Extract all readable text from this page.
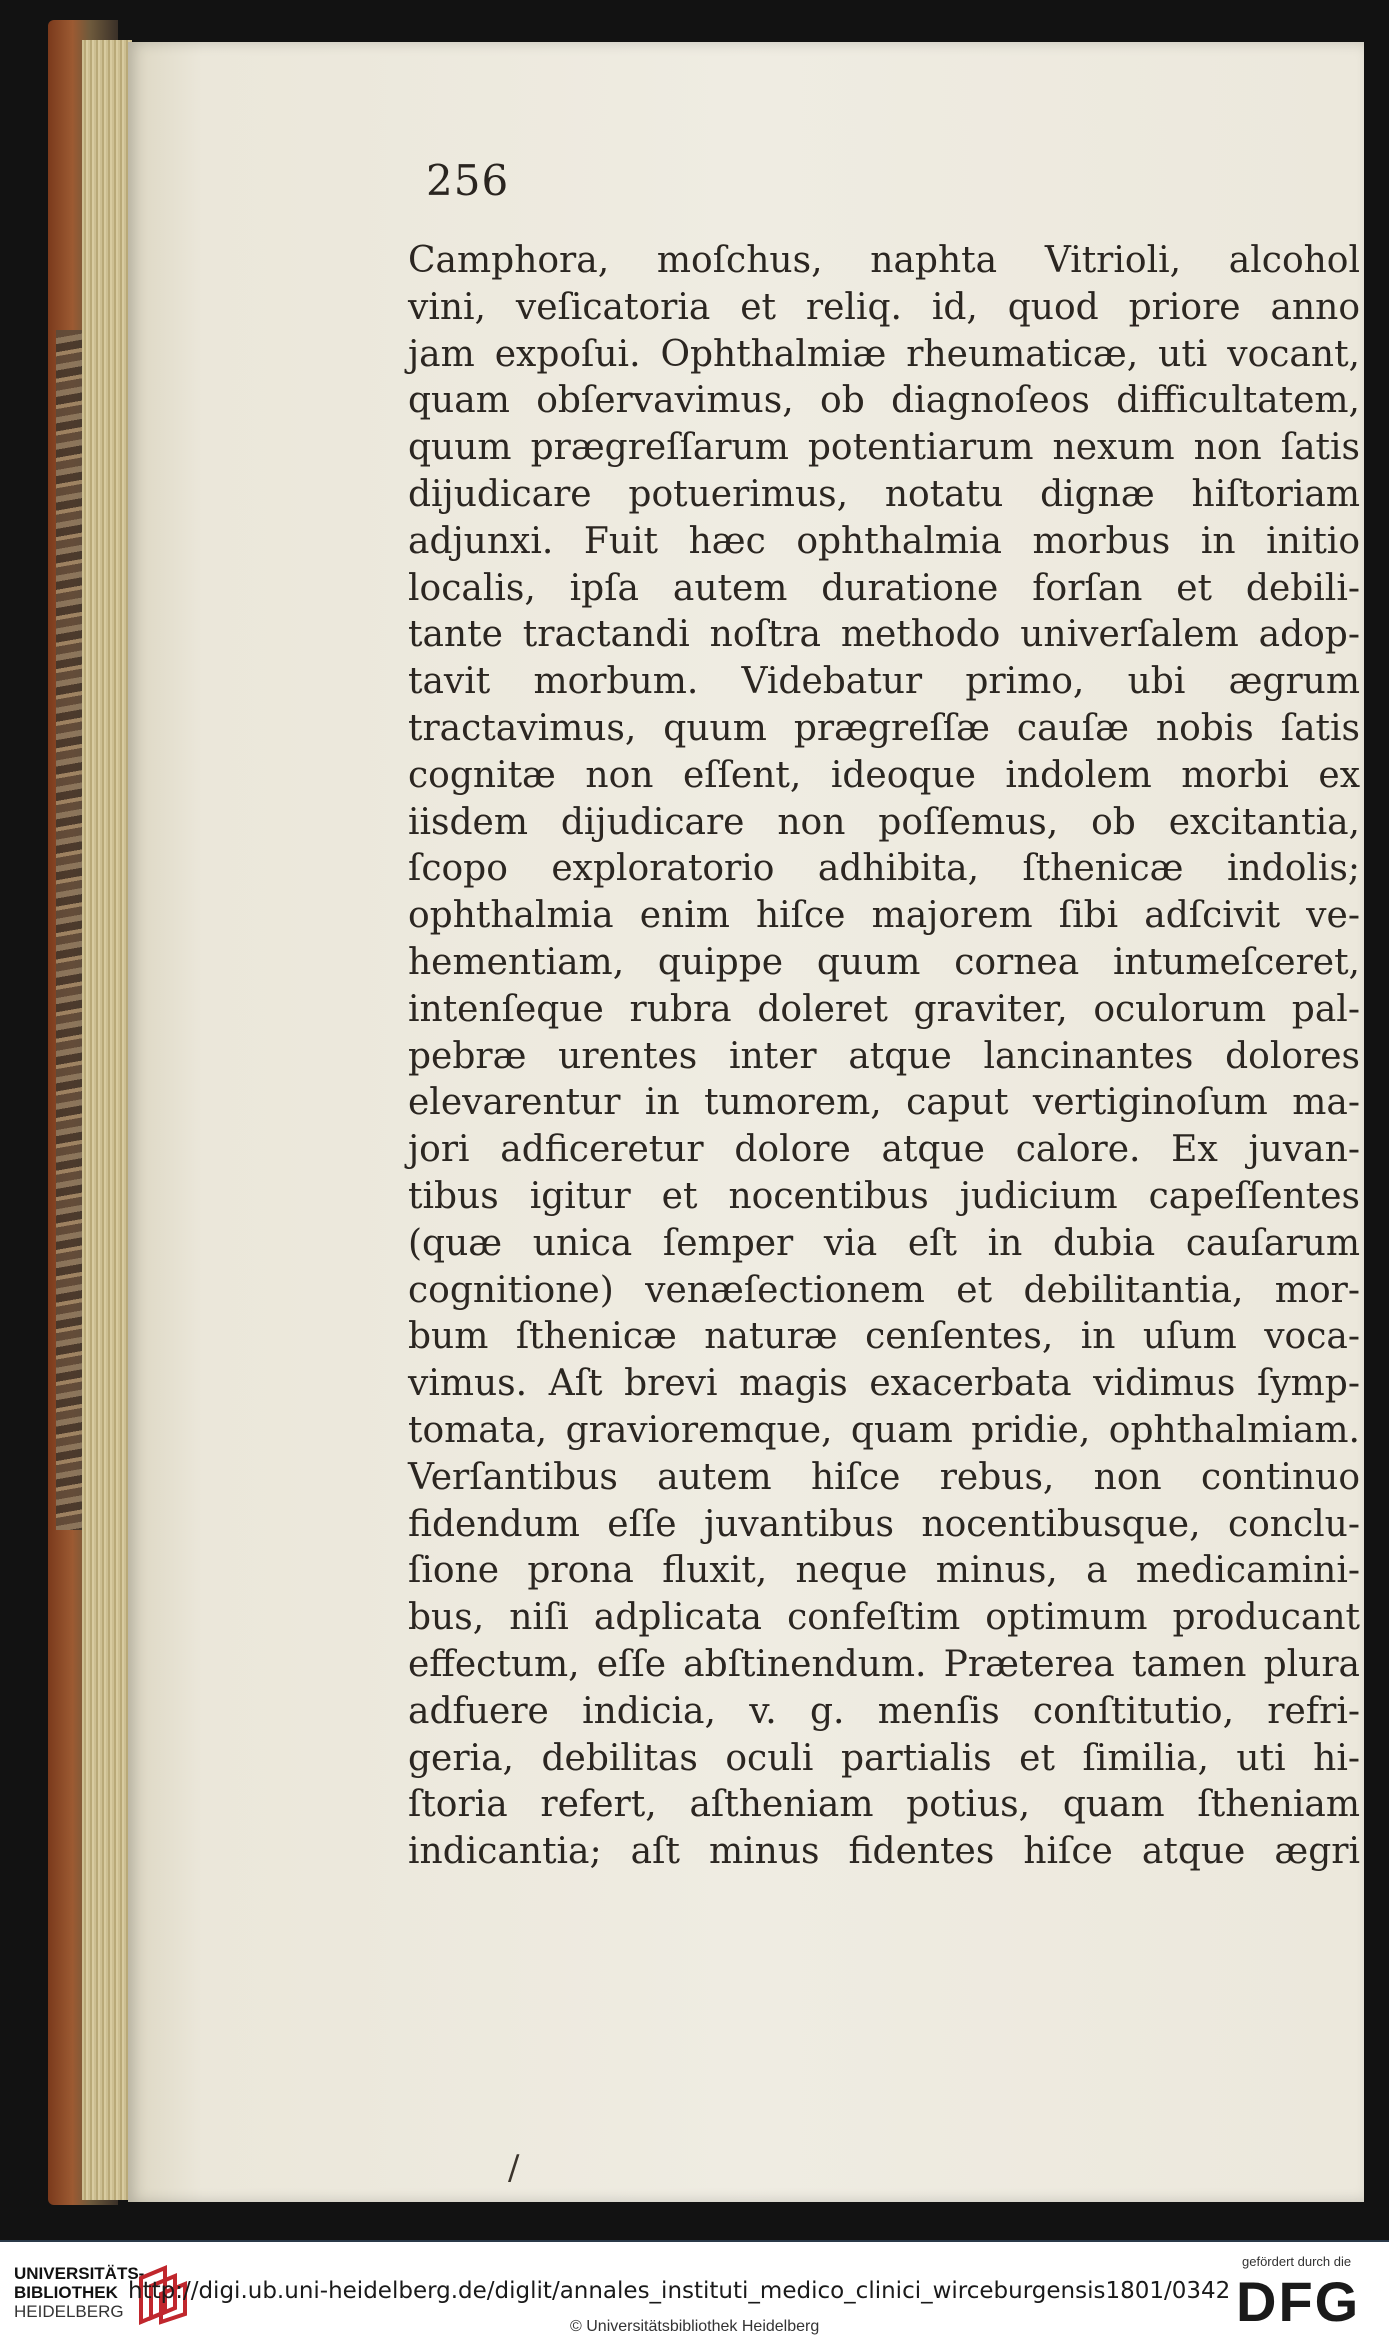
256
Camphora, moſchus, naphta Vitrioli, alcohol
vini, veſicatoria et reliq. id, quod priore anno
jam expoſui. Ophthalmiæ rheumaticæ, uti vocant,
quam obſervavimus, ob diagnoſeos difficultatem,
quum prægreſſarum potentiarum nexum non ſatis
dijudicare potuerimus, notatu dignæ hiſtoriam
adjunxi. Fuit hæc ophthalmia morbus in initio
localis, ipſa autem duratione forſan et debili-
tante tractandi noſtra methodo univerſalem adop-
tavit morbum. Videbatur primo, ubi ægrum
tractavimus, quum prægreſſæ cauſæ nobis ſatis
cognitæ non eſſent, ideoque indolem morbi ex
iisdem dijudicare non poſſemus, ob excitantia,
ſcopo exploratorio adhibita, ſthenicæ indolis;
ophthalmia enim hiſce majorem ſibi adſcivit ve-
hementiam, quippe quum cornea intumeſceret,
intenſeque rubra doleret graviter, oculorum pal-
pebræ urentes inter atque lancinantes dolores
elevarentur in tumorem, caput vertiginoſum ma-
jori adficeretur dolore atque calore. Ex juvan-
tibus igitur et nocentibus judicium capeſſentes
(quæ unica ſemper via eſt in dubia cauſarum
cognitione) venæſectionem et debilitantia, mor-
bum ſthenicæ naturæ cenſentes, in uſum voca-
vimus. Aſt brevi magis exacerbata vidimus ſymp-
tomata, gravioremque, quam pridie, ophthalmiam.
Verſantibus autem hiſce rebus, non continuo
fidendum eſſe juvantibus nocentibusque, conclu-
ſione prona fluxit, neque minus, a medicamini-
bus, niſi adplicata confeſtim optimum producant
effectum, eſſe abſtinendum. Præterea tamen plura
adfuere indicia, v. g. menſis conſtitutio, refri-
geria, debilitas oculi partialis et ſimilia, uti hi-
ſtoria refert, aſtheniam potius, quam ſtheniam
indicantia; aſt minus fidentes hiſce atque ægri
/
UNIVERSITÄTS-
BIBLIOTHEK
HEIDELBERG
http://digi.ub.uni-heidelberg.de/diglit/annales_instituti_medico_clinici_wirceburgensis1801/0342
© Universitätsbibliothek Heidelberg
gefördert durch die
DFG
